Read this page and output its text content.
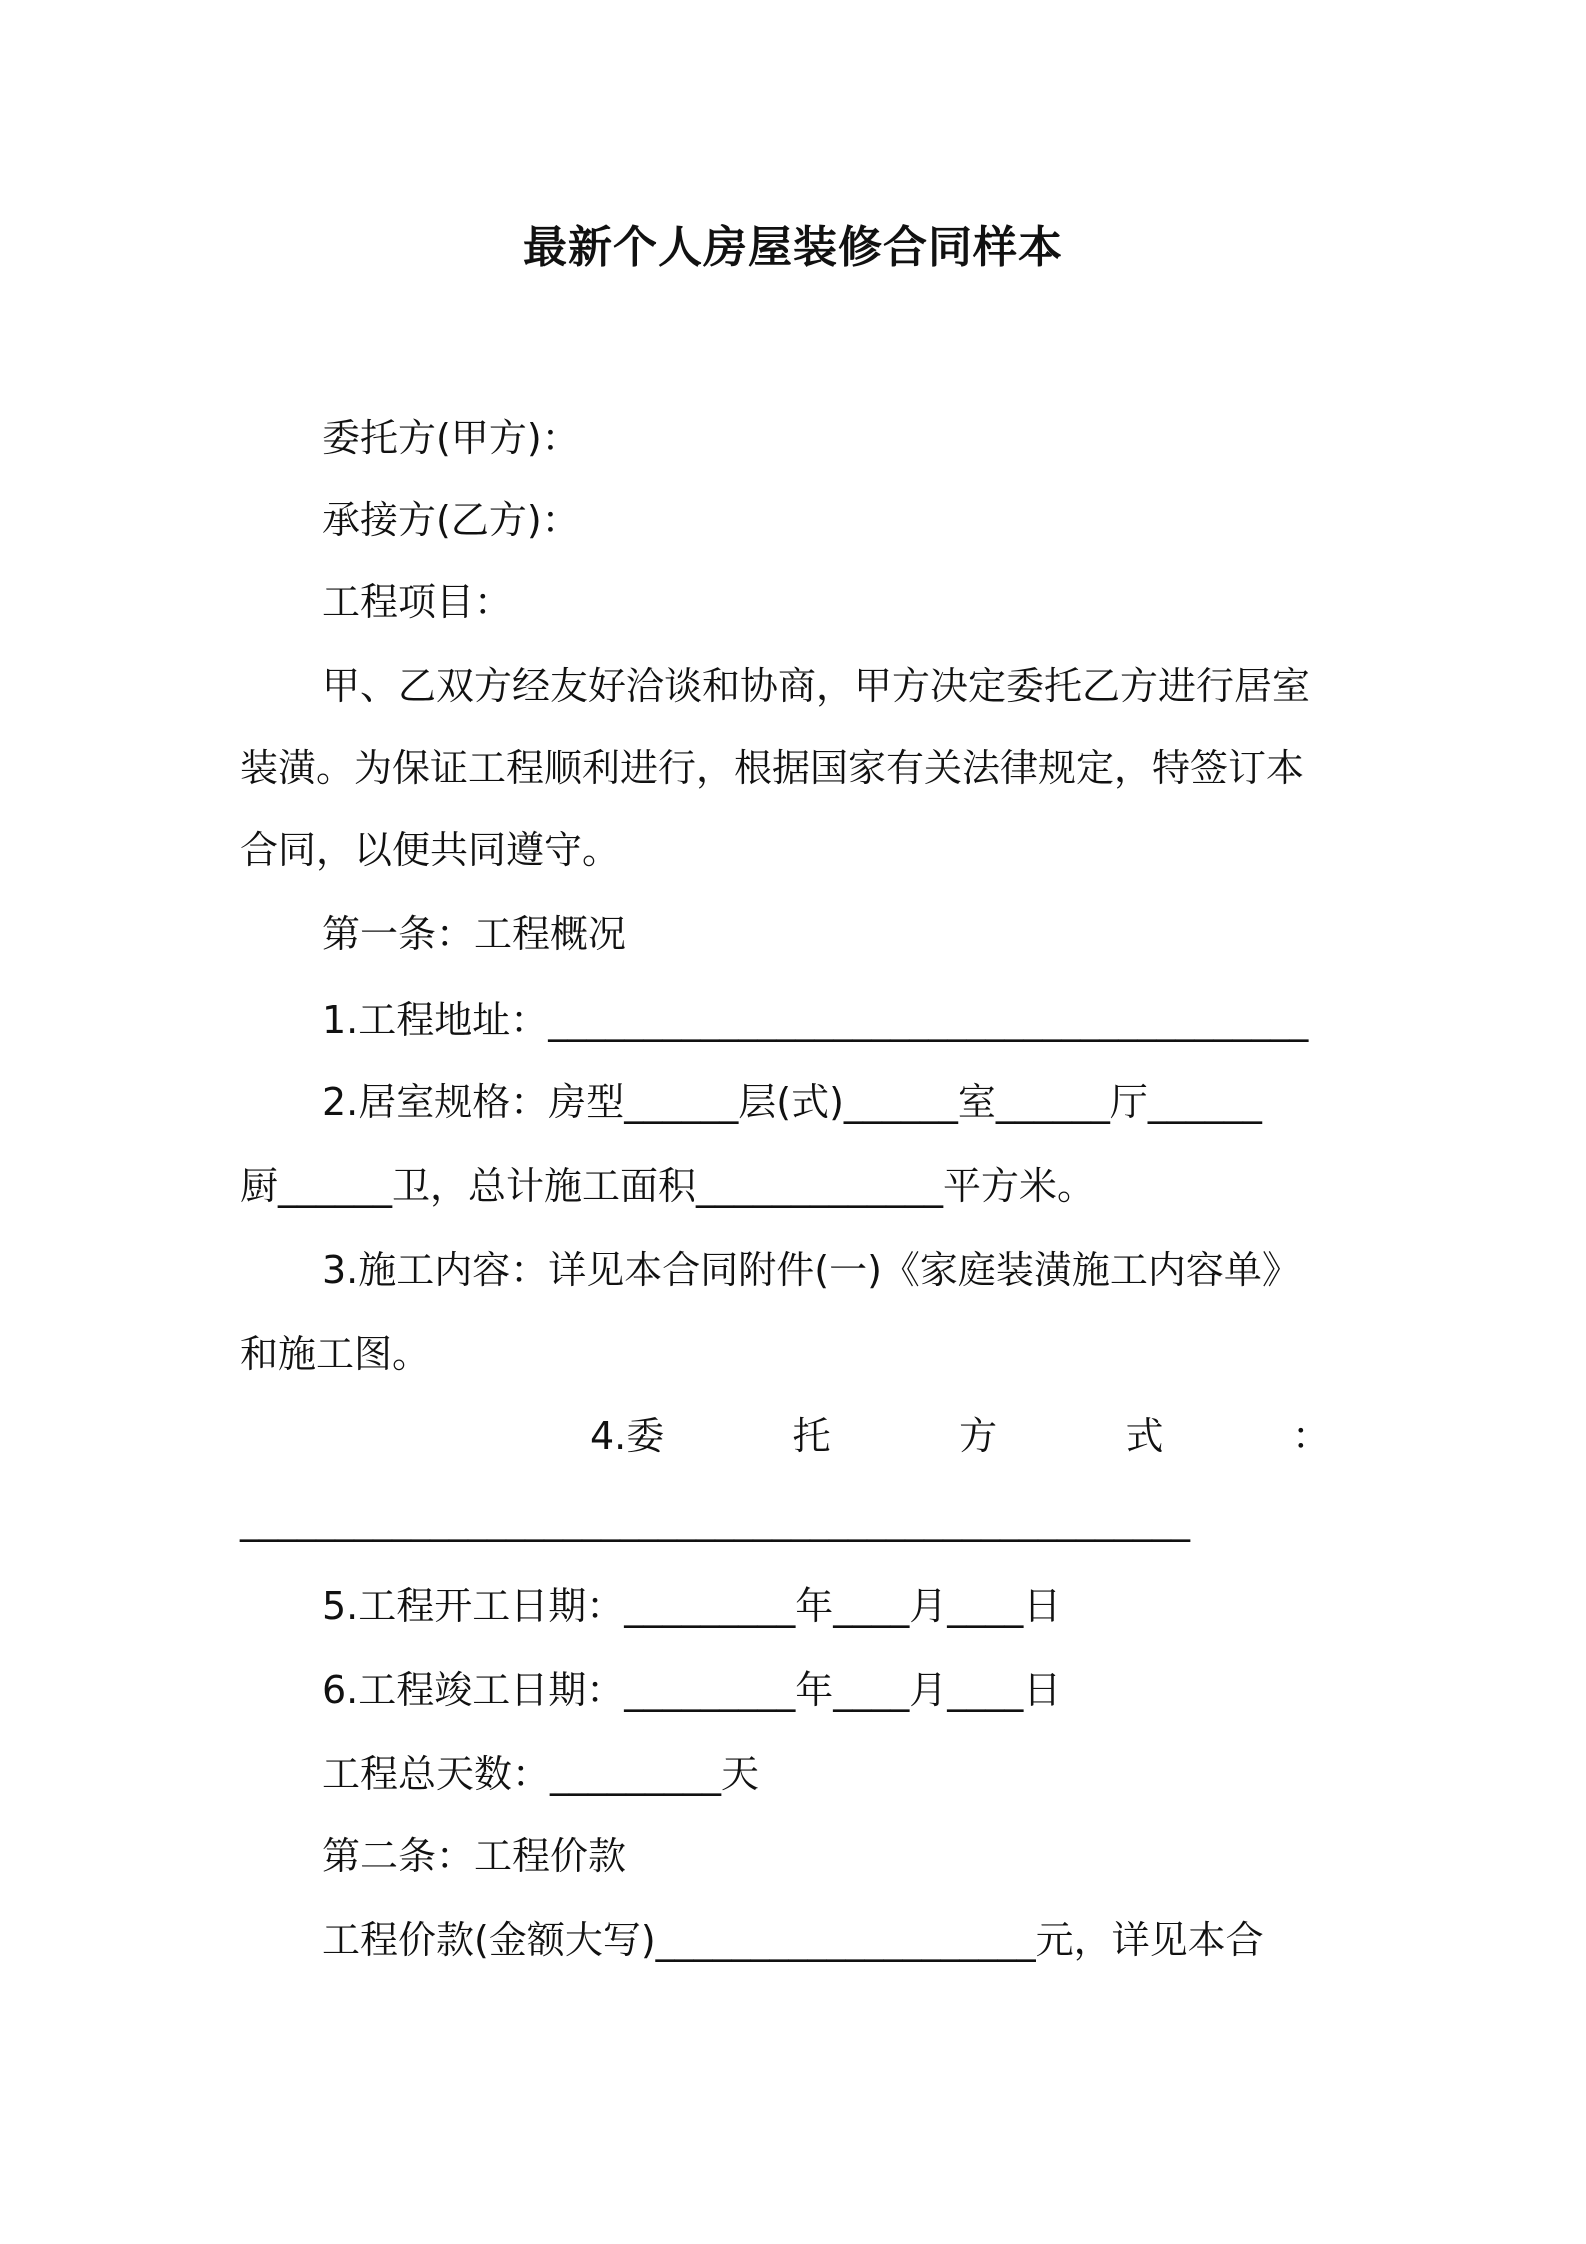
最新个人房屋装修合同样本
委托方(甲方)：
承接方(乙方)：
工程项目：
甲、乙双方经友好洽谈和协商，甲方决定委托乙方进行居室
装潢。为保证工程顺利进行，根据国家有关法律规定，特签订本
合同，以便共同遵守。
第一条：工程概况
1.工程地址：________________________________________
2.居室规格：房型______层(式)______室______厅______
厨______卫，总计施工面积_____________平方米。
3.施工内容：详见本合同附件(一)《家庭装潢施工内容单》
和施工图。
4.委	托	方	式	：
__________________________________________________
5.工程开工日期：_________年____月____日
6.工程竣工日期：_________年____月____日
工程总天数：_________天
第二条：工程价款
工程价款(金额大写)____________________元，详见本合
